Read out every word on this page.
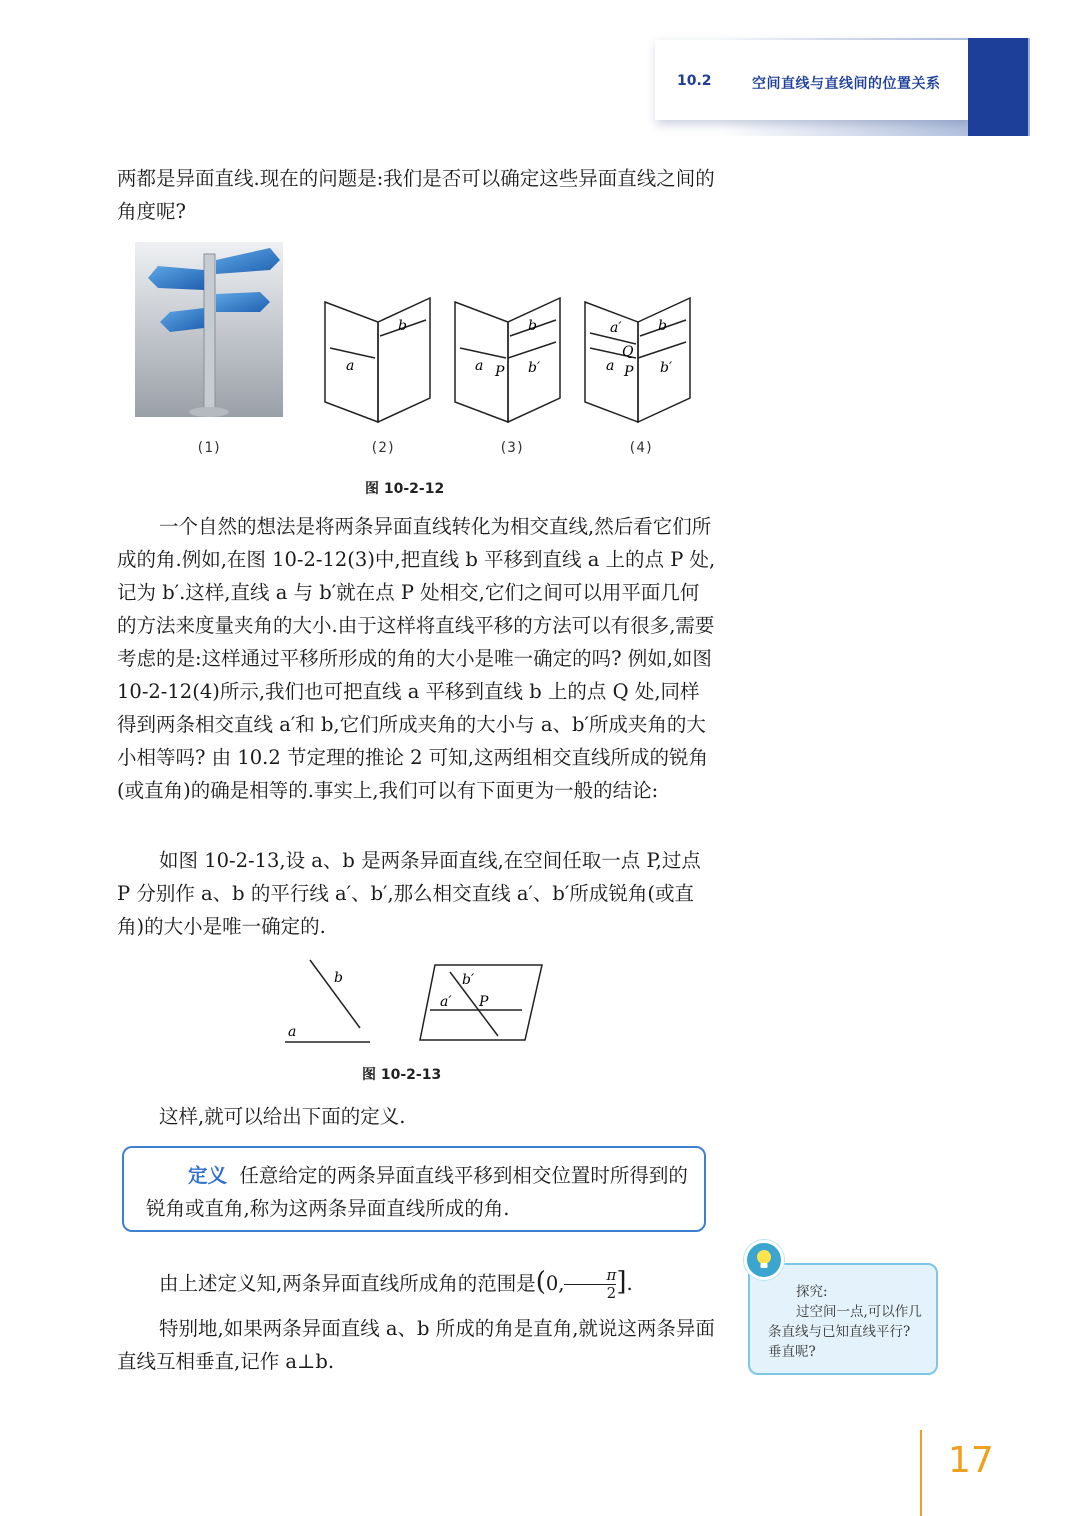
10.2	空间直线与直线间的位置关系

两都是异面直线.现在的问题是:我们是否可以确定这些异面直线之间的角度呢?

a
b
a P
b
b′
a′
Q
a P
b
b′
(1)	(2)	(3)	(4)
图 10-2-12

一个自然的想法是将两条异面直线转化为相交直线,然后看它们所成的角.例如,在图 10-2-12(3)中,把直线 b 平移到直线 a 上的点 P 处,记为 b′.这样,直线 a 与 b′就在点 P 处相交,它们之间可以用平面几何的方法来度量夹角的大小.由于这样将直线平移的方法可以有很多,需要考虑的是:这样通过平移所形成的角的大小是唯一确定的吗? 例如,如图 10-2-12(4)所示,我们也可把直线 a 平移到直线 b 上的点 Q 处,同样得到两条相交直线 a′和 b,它们所成夹角的大小与 a、b′所成夹角的大小相等吗? 由 10.2 节定理的推论 2 可知,这两组相交直线所成的锐角(或直角)的确是相等的.事实上,我们可以有下面更为一般的结论:

如图 10-2-13,设 a、b 是两条异面直线,在空间任取一点 P,过点 P 分别作 a、b 的平行线 a′、b′,那么相交直线 a′、b′所成锐角(或直角)的大小是唯一确定的.

a
b	b′
a′ P
图 10-2-13

这样,就可以给出下面的定义.

定义 任意给定的两条异面直线平移到相交位置时所得到的锐角或直角,称为这两条异面直线所成的角.

由上述定义知,两条异面直线所成角的范围是(0, $\frac{\pi}{2}$ ].

特别地,如果两条异面直线 a、b 所成的角是直角,就说这两条异面直线互相垂直,记作 a⊥b.

探究:
过空间一点,可以作几条直线与已知直线平行? 垂直呢?
17
